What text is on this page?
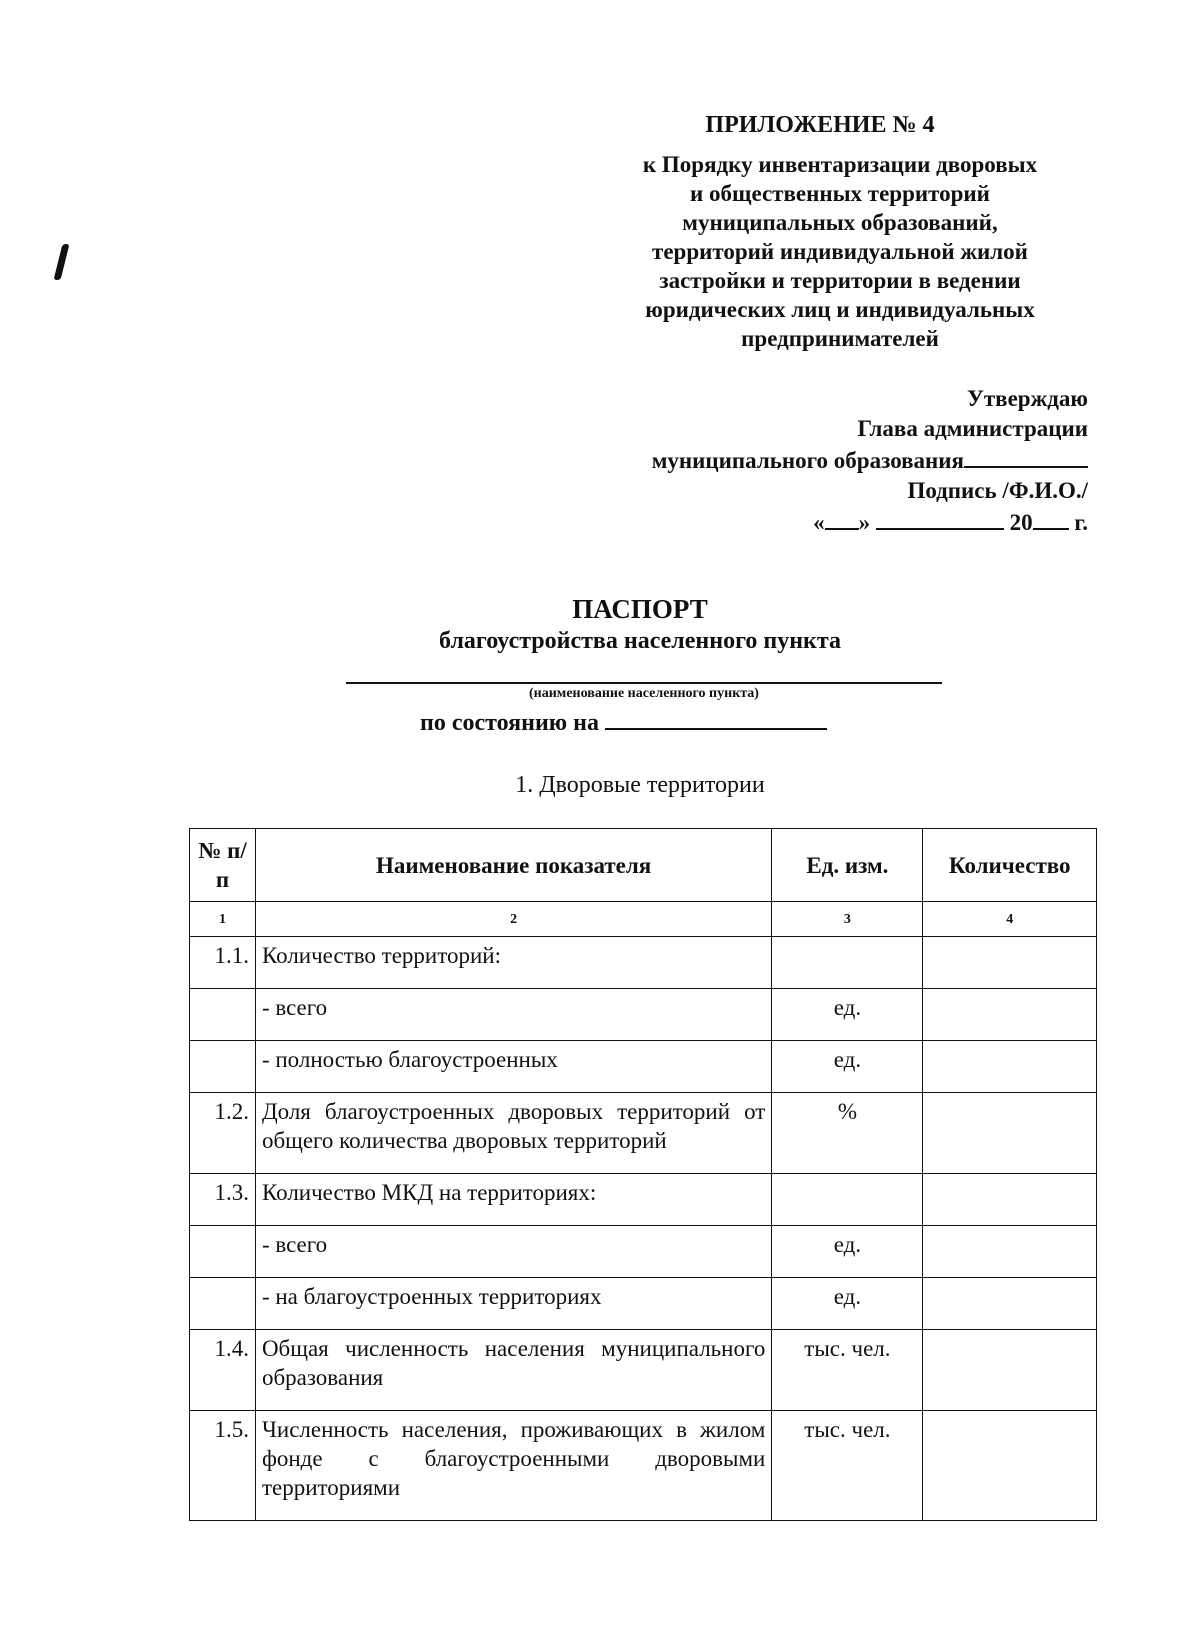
ПРИЛОЖЕНИЕ № 4
к Порядку инвентаризации дворовых
и общественных территорий
муниципальных образований,
территорий индивидуальной жилой
застройки и территории в ведении
юридических лиц и индивидуальных
предпринимателей
Утверждаю
Глава администрации
муниципального образования
Подпись /Ф.И.О./
« »	20 г.
ПАСПОРТ
благоустройства населенного пункта
(наименование населенного пункта)
по состоянию на
1. Дворовые территории
№ п/п	Наименование показателя	Ед. изм.	Количество
1	2	3	4
1.1.	Количество территорий:		
	- всего	ед.	
	- полностью благоустроенных	ед.	
1.2.	Доля благоустроенных дворовых территорий от общего количества дворовых территорий	%	
1.3.	Количество МКД на территориях:		
	- всего	ед.	
	- на благоустроенных территориях	ед.	
1.4.	Общая численность населения муниципального образования	тыс. чел.	
1.5.	Численность населения, проживающих в жилом фонде с благоустроенными дворовыми территориями	тыс. чел.	
